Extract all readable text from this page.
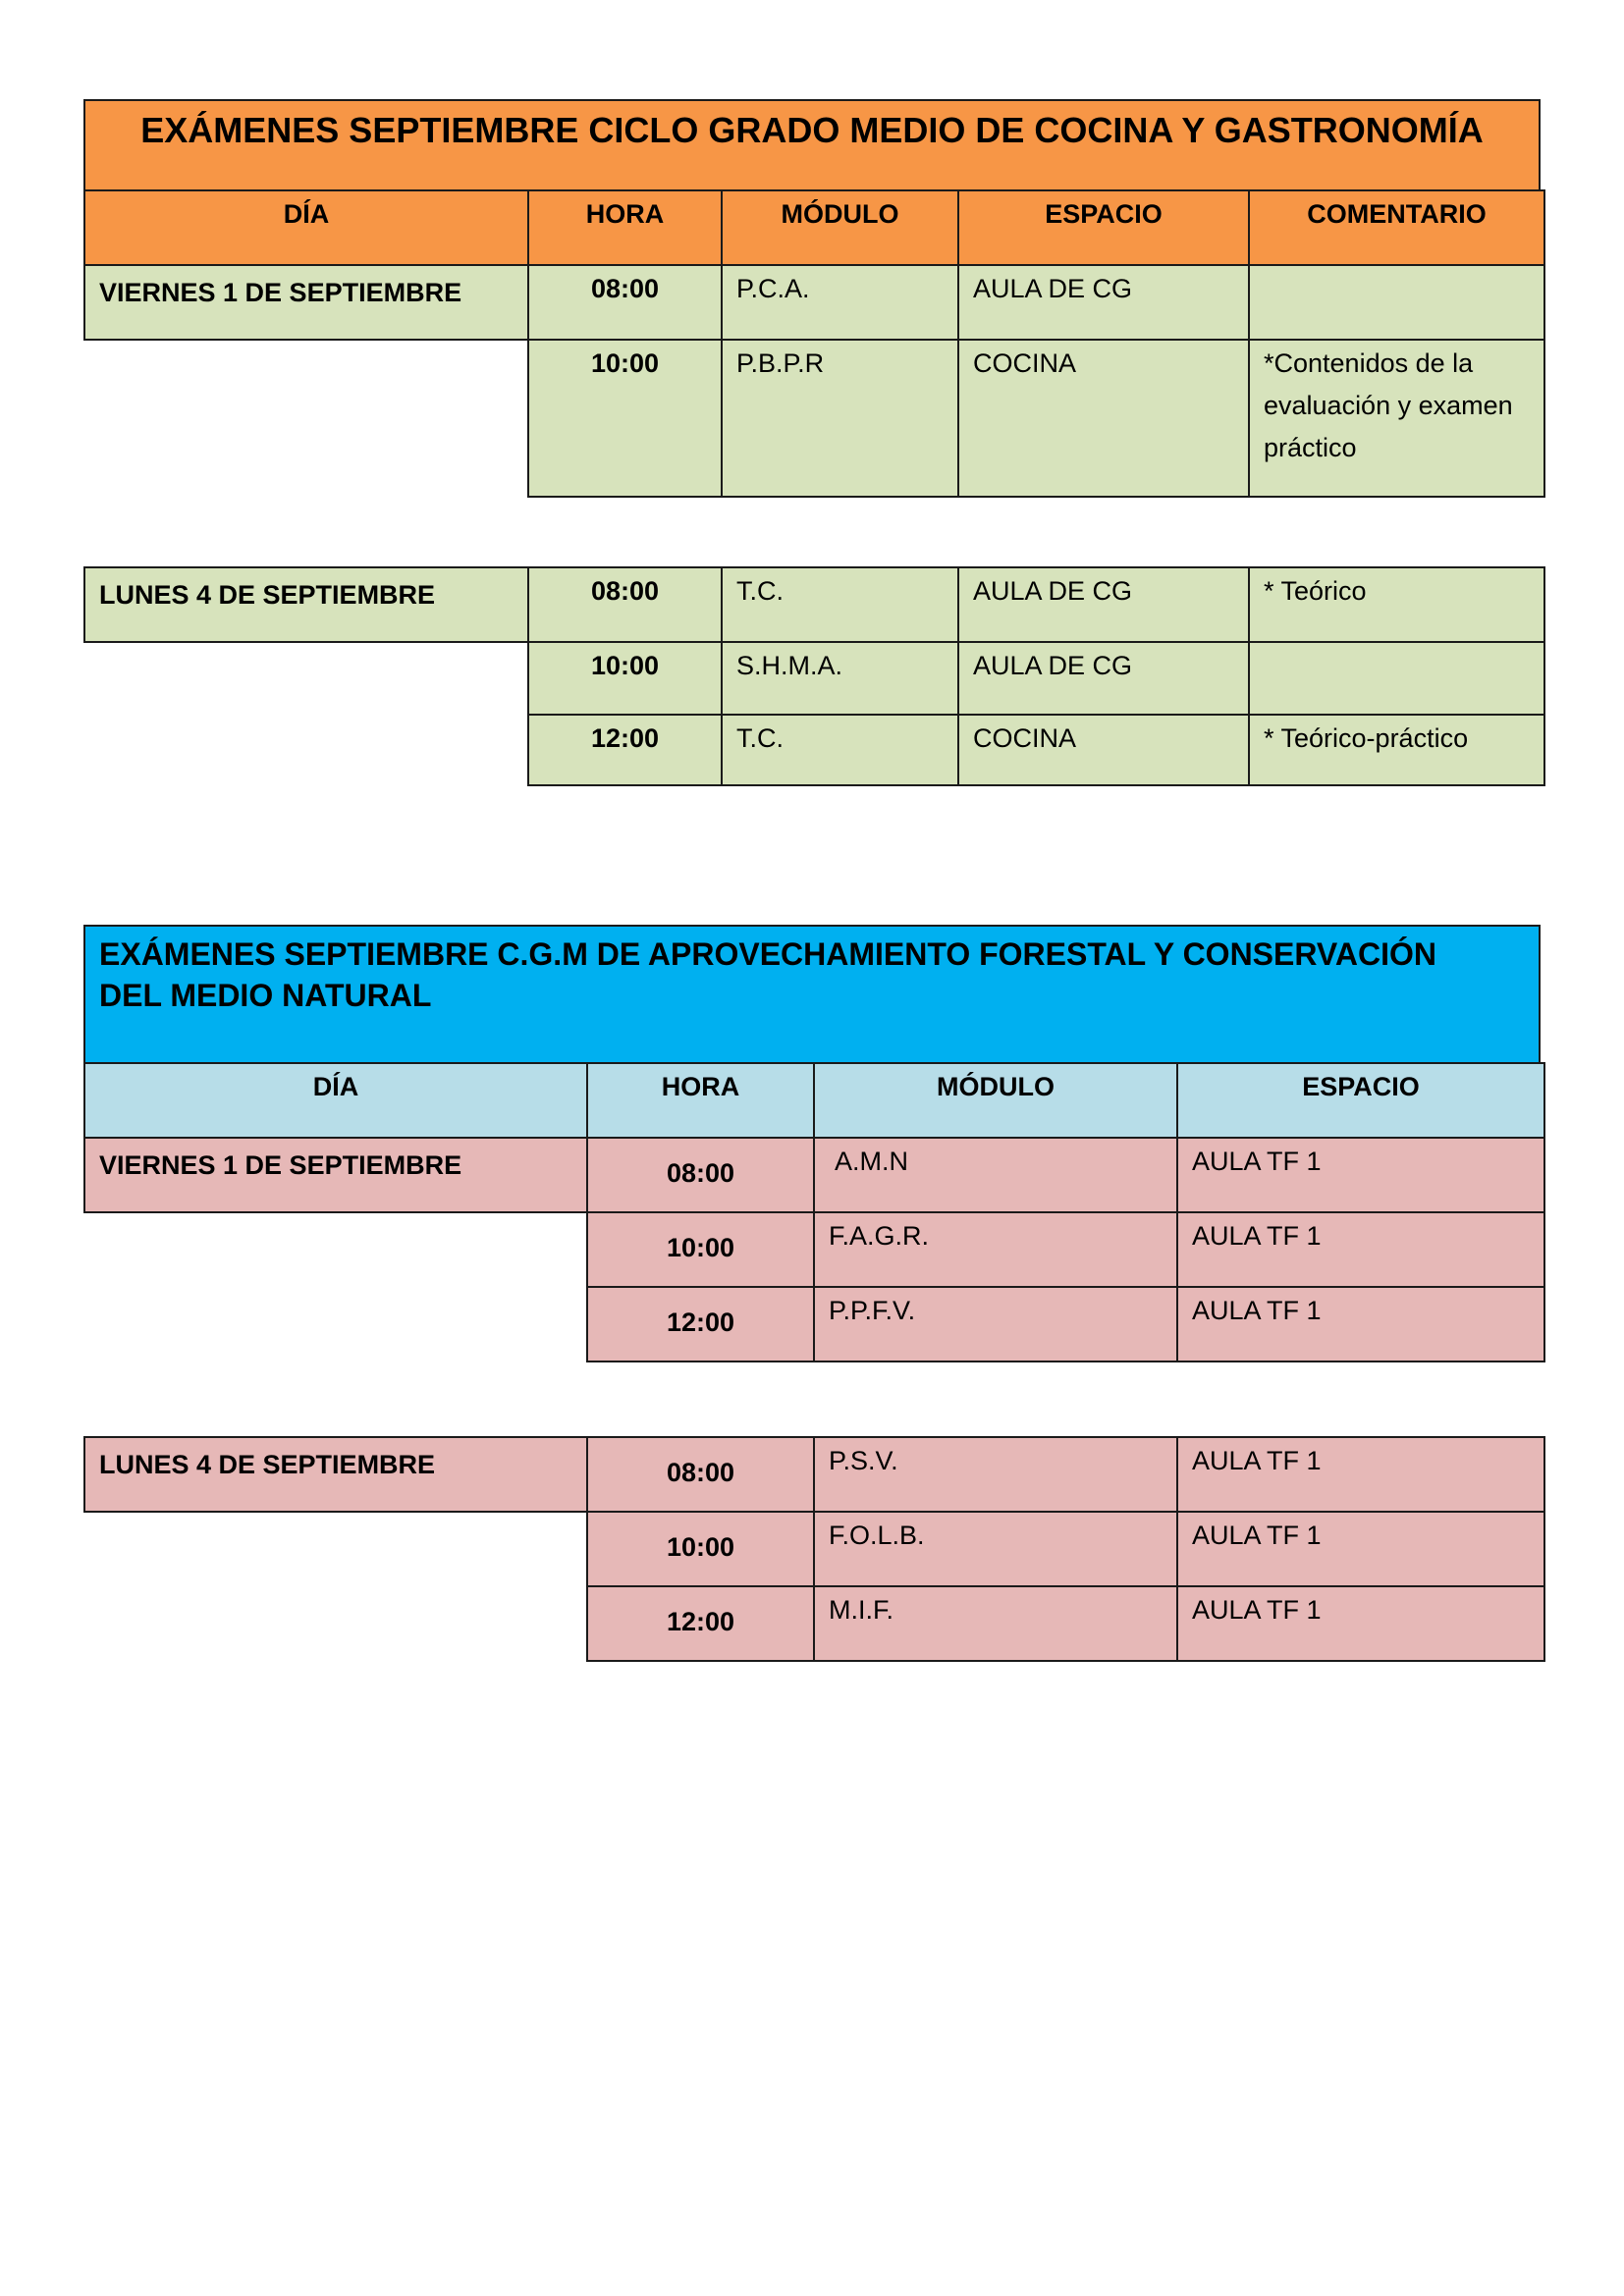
EXÁMENES SEPTIEMBRE CICLO GRADO MEDIO DE COCINA Y GASTRONOMÍA
DÍA	HORA	MÓDULO	ESPACIO	COMENTARIO
VIERNES 1 DE SEPTIEMBRE	08:00	P.C.A.	AULA DE CG
10:00	P.B.P.R	COCINA	*Contenidos de la
evaluación y examen
práctico
LUNES 4 DE SEPTIEMBRE	08:00	T.C.	AULA DE CG	* Teórico
10:00	S.H.M.A.	AULA DE CG
12:00	T.C.	COCINA	* Teórico-práctico
EXÁMENES SEPTIEMBRE C.G.M DE APROVECHAMIENTO FORESTAL Y CONSERVACIÓN
DEL MEDIO NATURAL
DÍA	HORA	MÓDULO	ESPACIO
VIERNES 1 DE SEPTIEMBRE	08:00	A.M.N	AULA TF 1
10:00	F.A.G.R.	AULA TF 1
12:00	P.P.F.V.	AULA TF 1
LUNES 4 DE SEPTIEMBRE	08:00	P.S.V.	AULA TF 1
10:00	F.O.L.B.	AULA TF 1
12:00	M.I.F.	AULA TF 1
